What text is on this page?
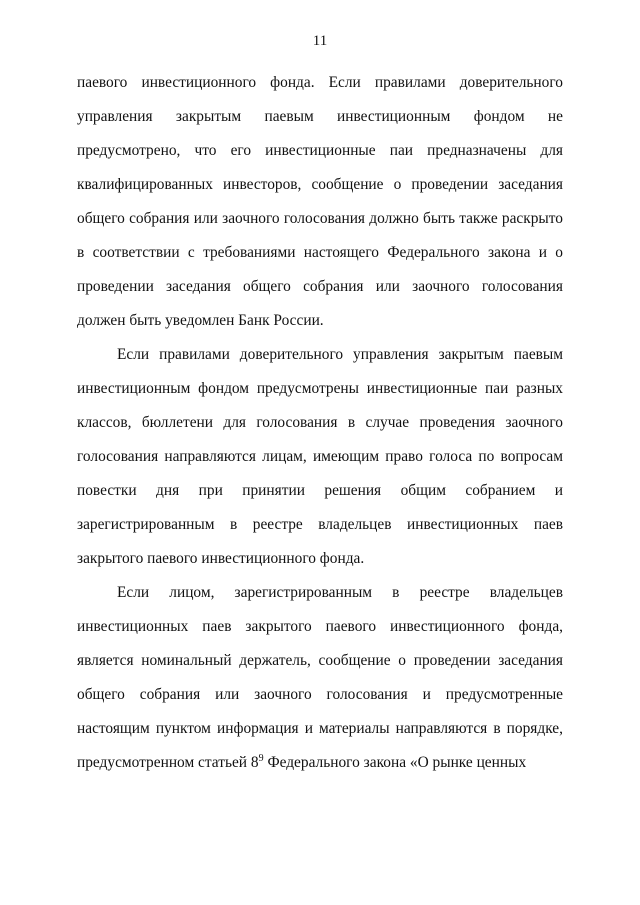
11

паевого инвестиционного фонда. Если правилами доверительного управления закрытым паевым инвестиционным фондом не предусмотрено, что его инвестиционные паи предназначены для квалифицированных инвесторов, сообщение о проведении заседания общего собрания или заочного голосования должно быть также раскрыто в соответствии с требованиями настоящего Федерального закона и о проведении заседания общего собрания или заочного голосования должен быть уведомлен Банк России.

Если правилами доверительного управления закрытым паевым инвестиционным фондом предусмотрены инвестиционные паи разных классов, бюллетени для голосования в случае проведения заочного голосования направляются лицам, имеющим право голоса по вопросам повестки дня при принятии решения общим собранием и зарегистрированным в реестре владельцев инвестиционных паев закрытого паевого инвестиционного фонда.

Если лицом, зарегистрированным в реестре владельцев инвестиционных паев закрытого паевого инвестиционного фонда, является номинальный держатель, сообщение о проведении заседания общего собрания или заочного голосования и предусмотренные настоящим пунктом информация и материалы направляются в порядке, предусмотренном статьей $8^9$ Федерального закона «О рынке ценных
